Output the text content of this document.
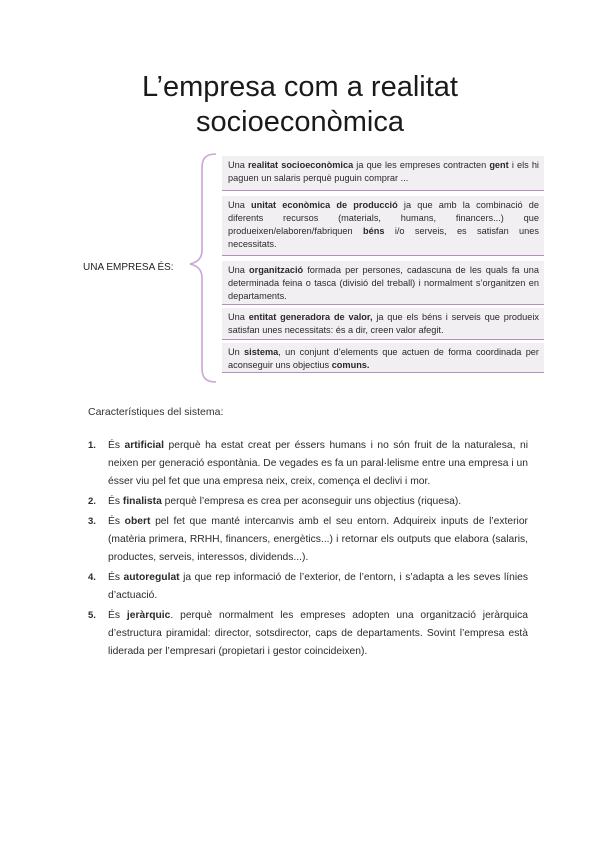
L’empresa com a realitat
socioeconòmica
UNA EMPRESA ÉS:
Una realitat socioeconòmica ja que les empreses contracten gent i els hi paguen un salaris perquè puguin comprar ...
Una unitat econòmica de producció ja que amb la combinació de diferents recursos (materials, humans, financers...) que produeixen/elaboren/fabriquen béns i/o serveis, es satisfan unes necessitats.
Una organització formada per persones, cadascuna de les quals fa una determinada feina o tasca (divisió del treball) i normalment s’organitzen en departaments.
Una entitat generadora de valor, ja que els béns i serveis que produeix satisfan unes necessitats: és a dir, creen valor afegit.
Un sistema, un conjunt d’elements que actuen de forma coordinada per aconseguir uns objectius comuns.
Característiques del sistema:
1. És artificial perquè ha estat creat per éssers humans i no són fruit de la naturalesa, ni neixen per generació espontània. De vegades es fa un paral·lelisme entre una empresa i un ésser viu pel fet que una empresa neix, creix, comença el declivi i mor.
2. És finalista perquè l’empresa es crea per aconseguir uns objectius (riquesa).
3. És obert pel fet que manté intercanvis amb el seu entorn. Adquireix inputs de l’exterior (matèria primera, RRHH, financers, energètics...) i retornar els outputs que elabora (salaris, productes, serveis, interessos, dividends...).
4. És autoregulat ja que rep informació de l’exterior, de l’entorn, i s’adapta a les seves línies d’actuació.
5. És jeràrquic. perquè normalment les empreses adopten una organització jeràrquica d’estructura piramidal: director, sotsdirector, caps de departaments. Sovint l’empresa està liderada per l’empresari (propietari i gestor coincideixen).
